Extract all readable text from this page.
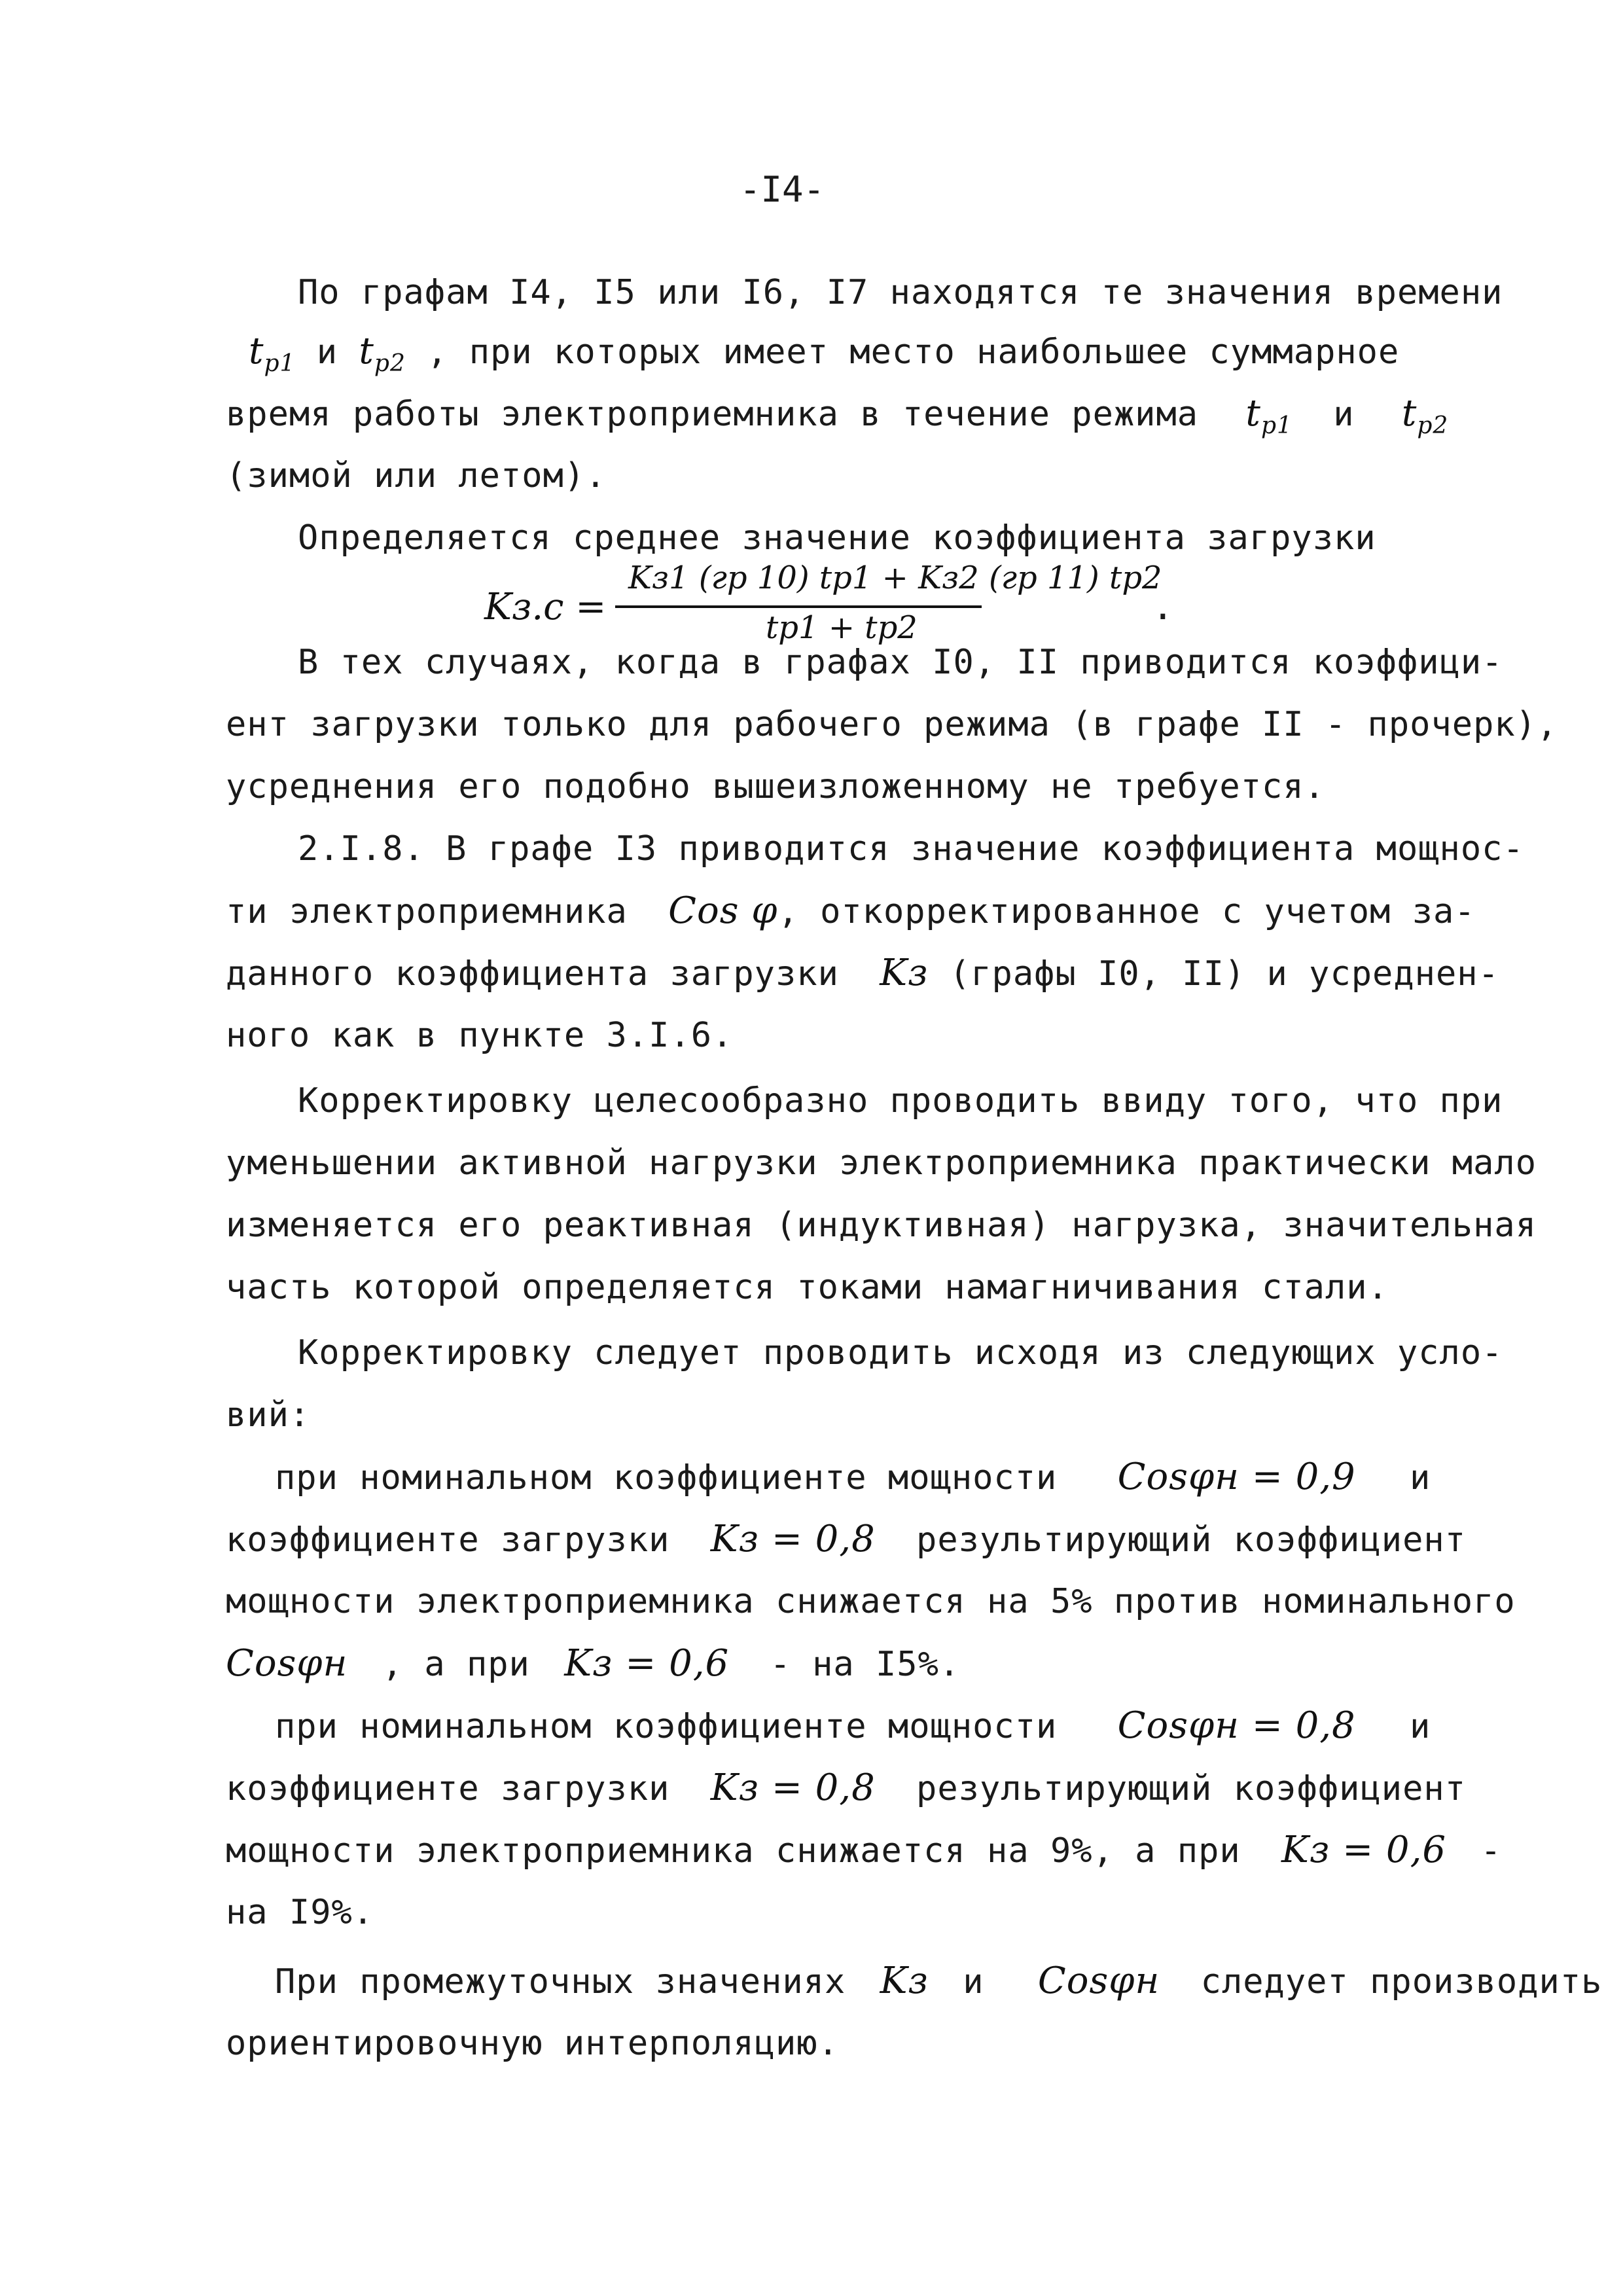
-I4-
По графам I4, I5 или I6, I7 находятся те значения времени
$t_{р1}$ и $t_{р2}$ , при которых имеет место наибольшее суммарное
время работы электроприемника в течение режима $t_{р1}$ и $t_{р2}$
(зимой или летом).
Определяется среднее значение коэффициента загрузки
Kз.с =
Kз1 (гр 10) tр1 + Kз2 (гр 11) tр2
tр1 + tр2	.
В тех случаях, когда в графах I0, II приводится коэффици-
ент загрузки только для рабочего режима (в графе II - прочерк),
усреднения его подобно вышеизложенному не требуется.
2.I.8. В графе I3 приводится значение коэффициента мощнос-
ти электроприемника Cos φ, откорректированное с учетом за-
данного коэффициента загрузки Kз (графы I0, II) и усреднен-
ного как в пункте 3.I.6.
Корректировку целесообразно проводить ввиду того, что при
уменьшении активной нагрузки электроприемника практически мало
изменяется его реактивная (индуктивная) нагрузка, значительная
часть которой определяется токами намагничивания стали.
Корректировку следует проводить исходя из следующих усло-
вий:
при номинальном коэффициенте мощности Cosφн = 0,9 и
коэффициенте загрузки Kз = 0,8 результирующий коэффициент
мощности электроприемника снижается на 5% против номинального
Cosφн , а при Kз = 0,6 - на I5%.
при номинальном коэффициенте мощности Cosφн = 0,8 и
коэффициенте загрузки Kз = 0,8 результирующий коэффициент
мощности электроприемника снижается на 9%, а при Kз = 0,6 -
на I9%.
При промежуточных значениях Kз и Cosφн следует производить
ориентировочную интерполяцию.
